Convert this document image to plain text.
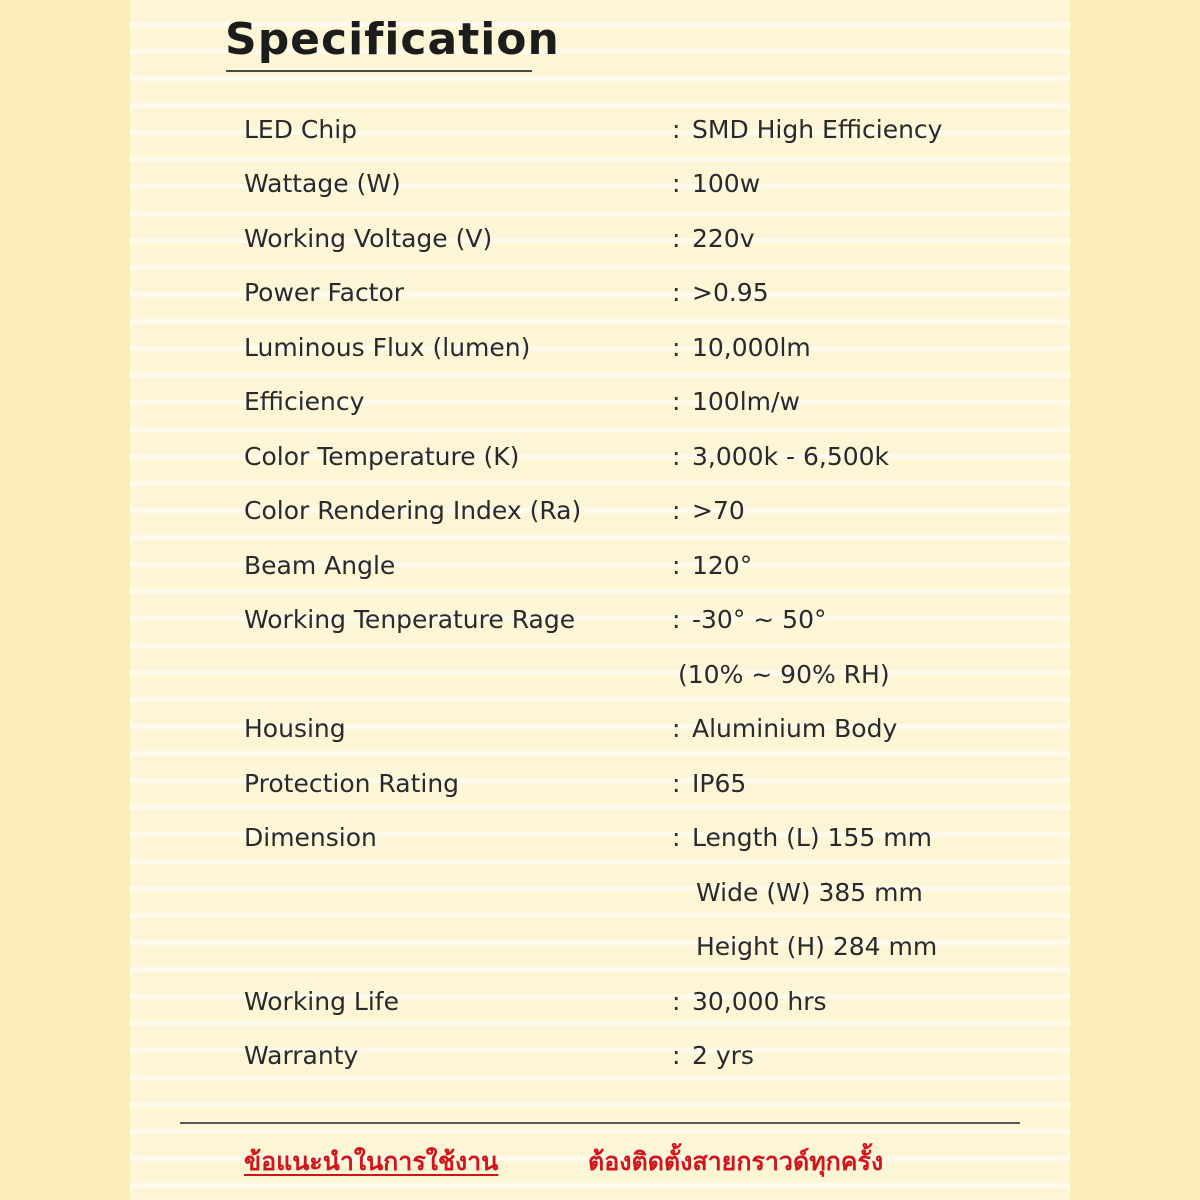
Specification
LED Chip	: SMD High Efficiency
Wattage (W)	: 100w
Working Voltage (V)	: 220v
Power Factor	: >0.95
Luminous Flux (lumen)	: 10,000lm
Efficiency	: 100lm/w
Color Temperature (K)	: 3,000k - 6,500k
Color Rendering Index (Ra)	: >70
Beam Angle	: 120°
Working Tenperature Rage	: -30° ~ 50°
(10% ~ 90% RH)
Housing	: Aluminium Body
Protection Rating	: IP65
Dimension	: Length (L) 155 mm
Wide (W) 385 mm
Height (H) 284 mm
Working Life	: 30,000 hrs
Warranty	: 2 yrs
ข้อแนะนำในการใช้งาน	ต้องติดตั้งสายกราวด์ทุกครั้ง
